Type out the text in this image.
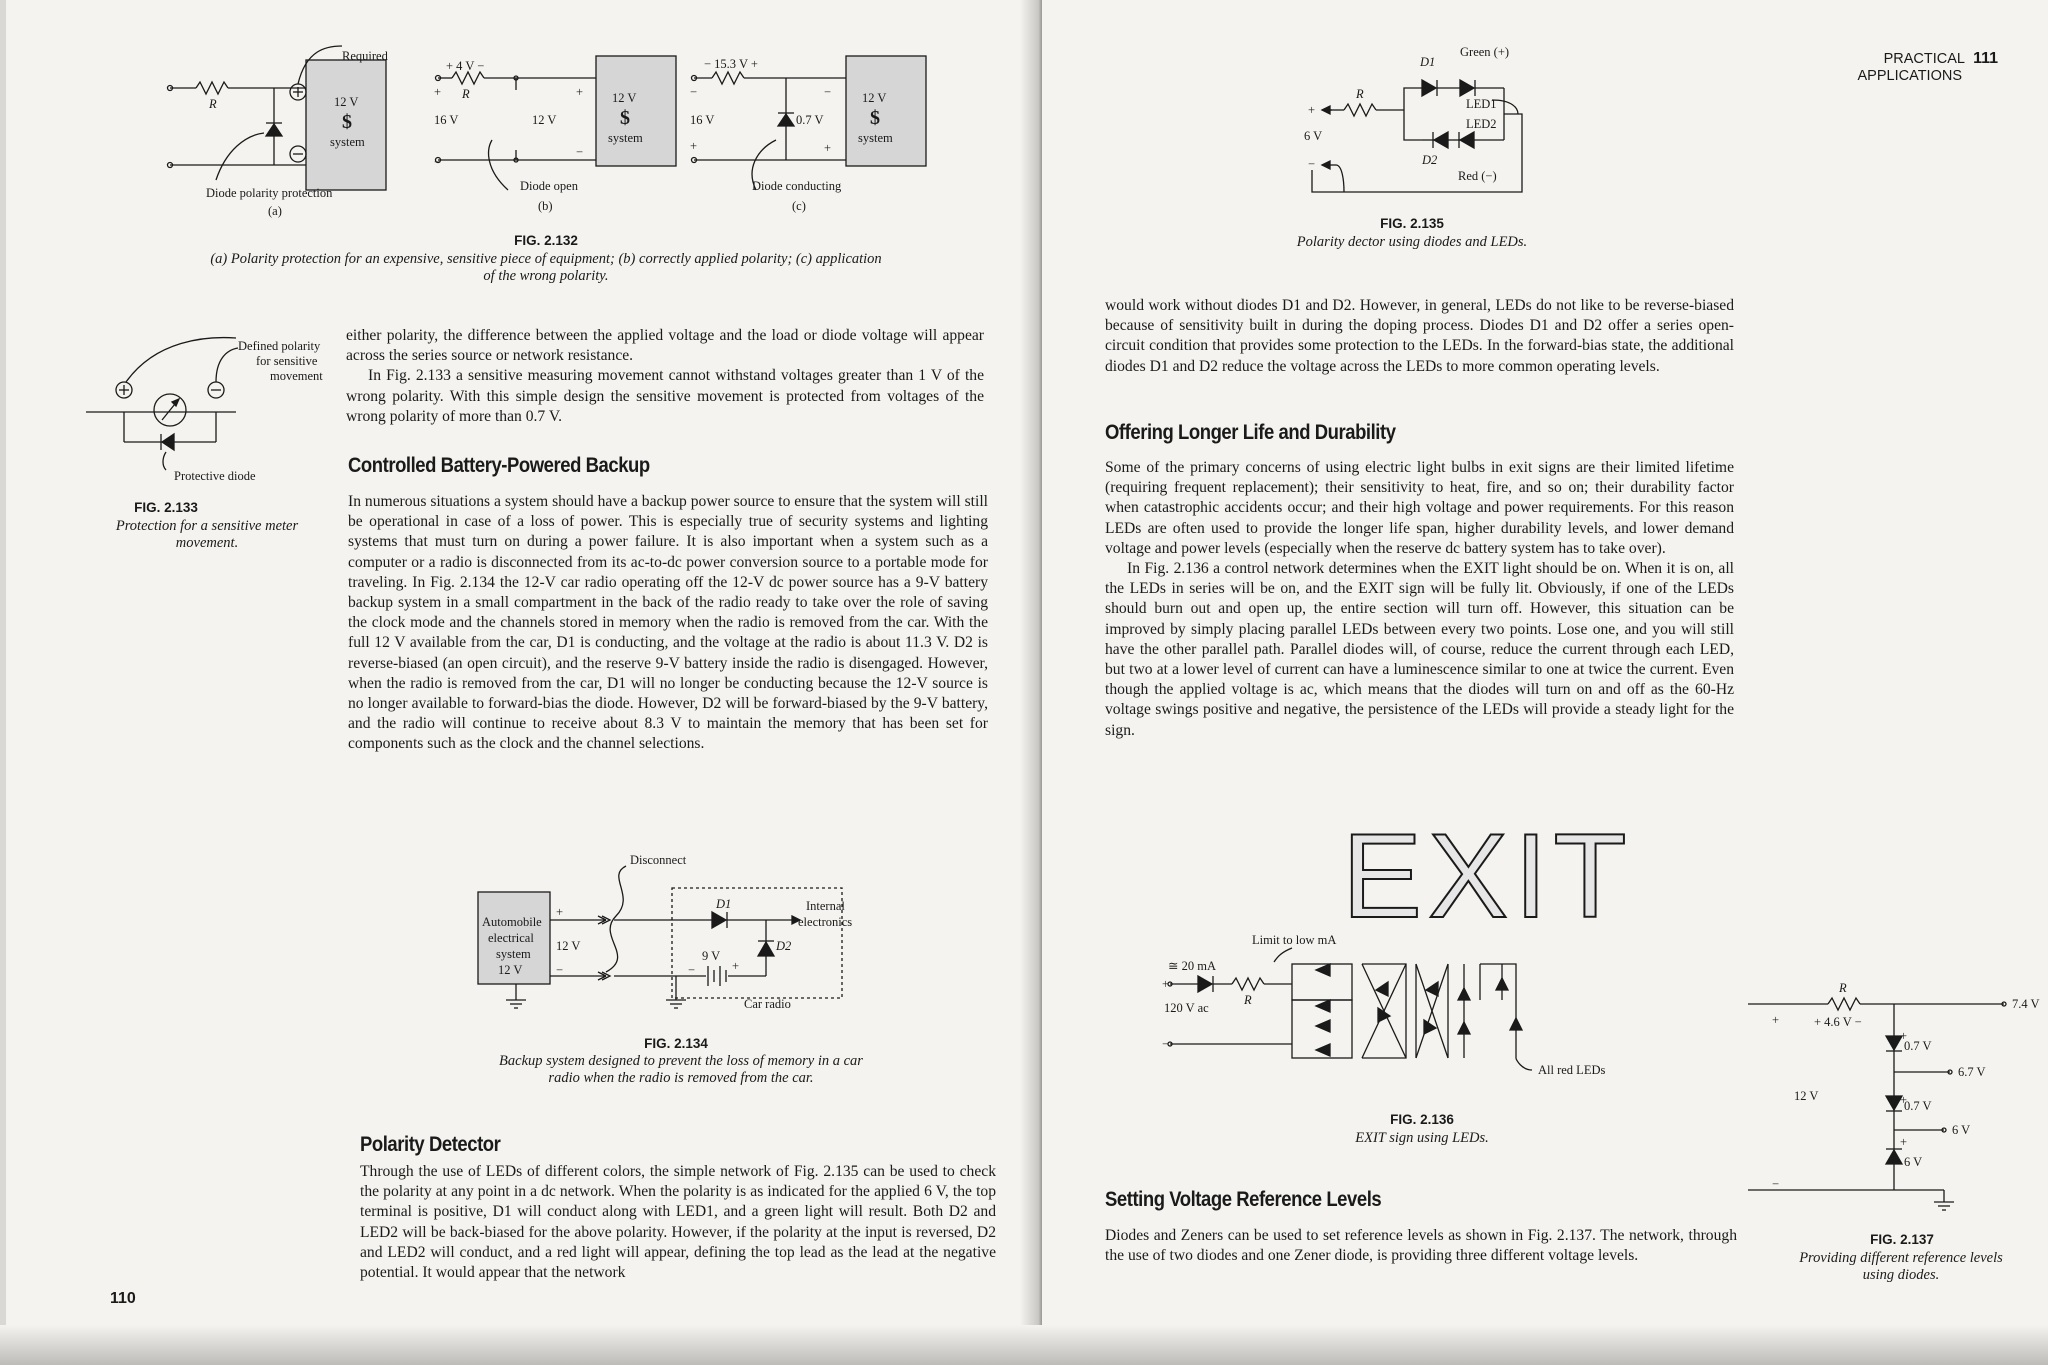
Required
R	12 V
$
system
Diode polarity protection
(a)
+ 4 V −
R
+
−
16 V	12 V
+
−
12 V
$
system
Diode open
(b)
− 15.3 V +
−
+
16 V	0.7 V
−
+
12 V
$
system
Diode conducting
(c)
FIG. 2.132
(a) Polarity protection for an expensive, sensitive piece of equipment; (b) correctly applied polarity; (c) application of the wrong polarity.
Defined polarity
for sensitive
movement
Protective diode
FIG. 2.133
Protection for a sensitive meter movement.

either polarity, the difference between the applied voltage and the load or diode voltage will appear across the series source or network resistance.

In Fig. 2.133 a sensitive measuring movement cannot withstand voltages greater than 1 V of the wrong polarity. With this simple design the sensitive movement is protected from voltages of the wrong polarity of more than 0.7 V.

Controlled Battery-Powered Backup

In numerous situations a system should have a backup power source to ensure that the system will still be operational in case of a loss of power. This is especially true of security systems and lighting systems that must turn on during a power failure. It is also important when a system such as a computer or a radio is disconnected from its ac-to-dc power conversion source to a portable mode for traveling. In Fig. 2.134 the 12-V car radio operating off the 12-V dc power source has a 9-V battery backup system in a small compartment in the back of the radio ready to take over the role of saving the clock mode and the channels stored in memory when the radio is removed from the car. With the full 12 V available from the car, D1 is conducting, and the voltage at the radio is about 11.3 V. D2 is reverse-biased (an open circuit), and the reserve 9-V battery inside the radio is disengaged. However, when the radio is removed from the car, D1 will no longer be conducting because the 12-V source is no longer available to forward-bias the diode. However, D2 will be forward-biased by the 9-V battery, and the radio will continue to receive about 8.3 V to maintain the memory that has been set for components such as the clock and the channel selections.

Disconnect
Automobile
electrical
system
12 V
+
−
12 V
D1
D2
Internal
electronics
9 V
−	+
Car radio
FIG. 2.134
Backup system designed to prevent the loss of memory in a car radio when the radio is removed from the car.
Polarity Detector

Through the use of LEDs of different colors, the simple network of Fig. 2.135 can be used to check the polarity at any point in a dc network. When the polarity is as indicated for the applied 6 V, the top terminal is positive, D1 will conduct along with LED1, and a green light will result. Both D2 and LED2 will be back-biased for the above polarity. However, if the polarity at the input is reversed, D2 and LED2 will conduct, and a red light will appear, defining the top lead as the lead at the negative potential. It would appear that the network

110
PRACTICAL 111
APPLICATIONS
Green (+)
D1
LED1
LED2
D2
Red (−)
R
+
−
6 V
FIG. 2.135
Polarity dector using diodes and LEDs.

would work without diodes D1 and D2. However, in general, LEDs do not like to be reverse-biased because of sensitivity built in during the doping process. Diodes D1 and D2 offer a series open-circuit condition that provides some protection to the LEDs. In the forward-bias state, the additional diodes D1 and D2 reduce the voltage across the LEDs to more common operating levels.

Offering Longer Life and Durability

Some of the primary concerns of using electric light bulbs in exit signs are their limited lifetime (requiring frequent replacement); their sensitivity to heat, fire, and so on; their durability factor when catastrophic accidents occur; and their high voltage and power requirements. For this reason LEDs are often used to provide the longer life span, higher durability levels, and lower demand voltage and power levels (especially when the reserve dc battery system has to take over).

In Fig. 2.136 a control network determines when the EXIT light should be on. When it is on, all the LEDs in series will be on, and the EXIT sign will be fully lit. Obviously, if one of the LEDs should burn out and open up, the entire section will turn off. However, this situation can be improved by simply placing parallel LEDs between every two points. Lose one, and you will still have the other parallel path. Parallel diodes will, of course, reduce the current through each LED, but two at a lower level of current can have a luminescence similar to one at twice the current. Even though the applied voltage is ac, which means that the diodes will turn on and off as the 60-Hz voltage swings positive and negative, the persistence of the LEDs will provide a steady light for the sign.

EXIT
≅ 20 mA
Limit to low mA
R
120 V ac
+
−
All red LEDs
FIG. 2.136
EXIT sign using LEDs.
Setting Voltage Reference Levels

Diodes and Zeners can be used to set reference levels as shown in Fig. 2.137. The network, through the use of two diodes and one Zener diode, is providing three different voltage levels.

R
+ 4.6 V −
+
−
12 V
+
0.7 V
+
0.7 V
+
6 V
7.4 V
6.7 V
6 V
FIG. 2.137
Providing different reference levels using diodes.
